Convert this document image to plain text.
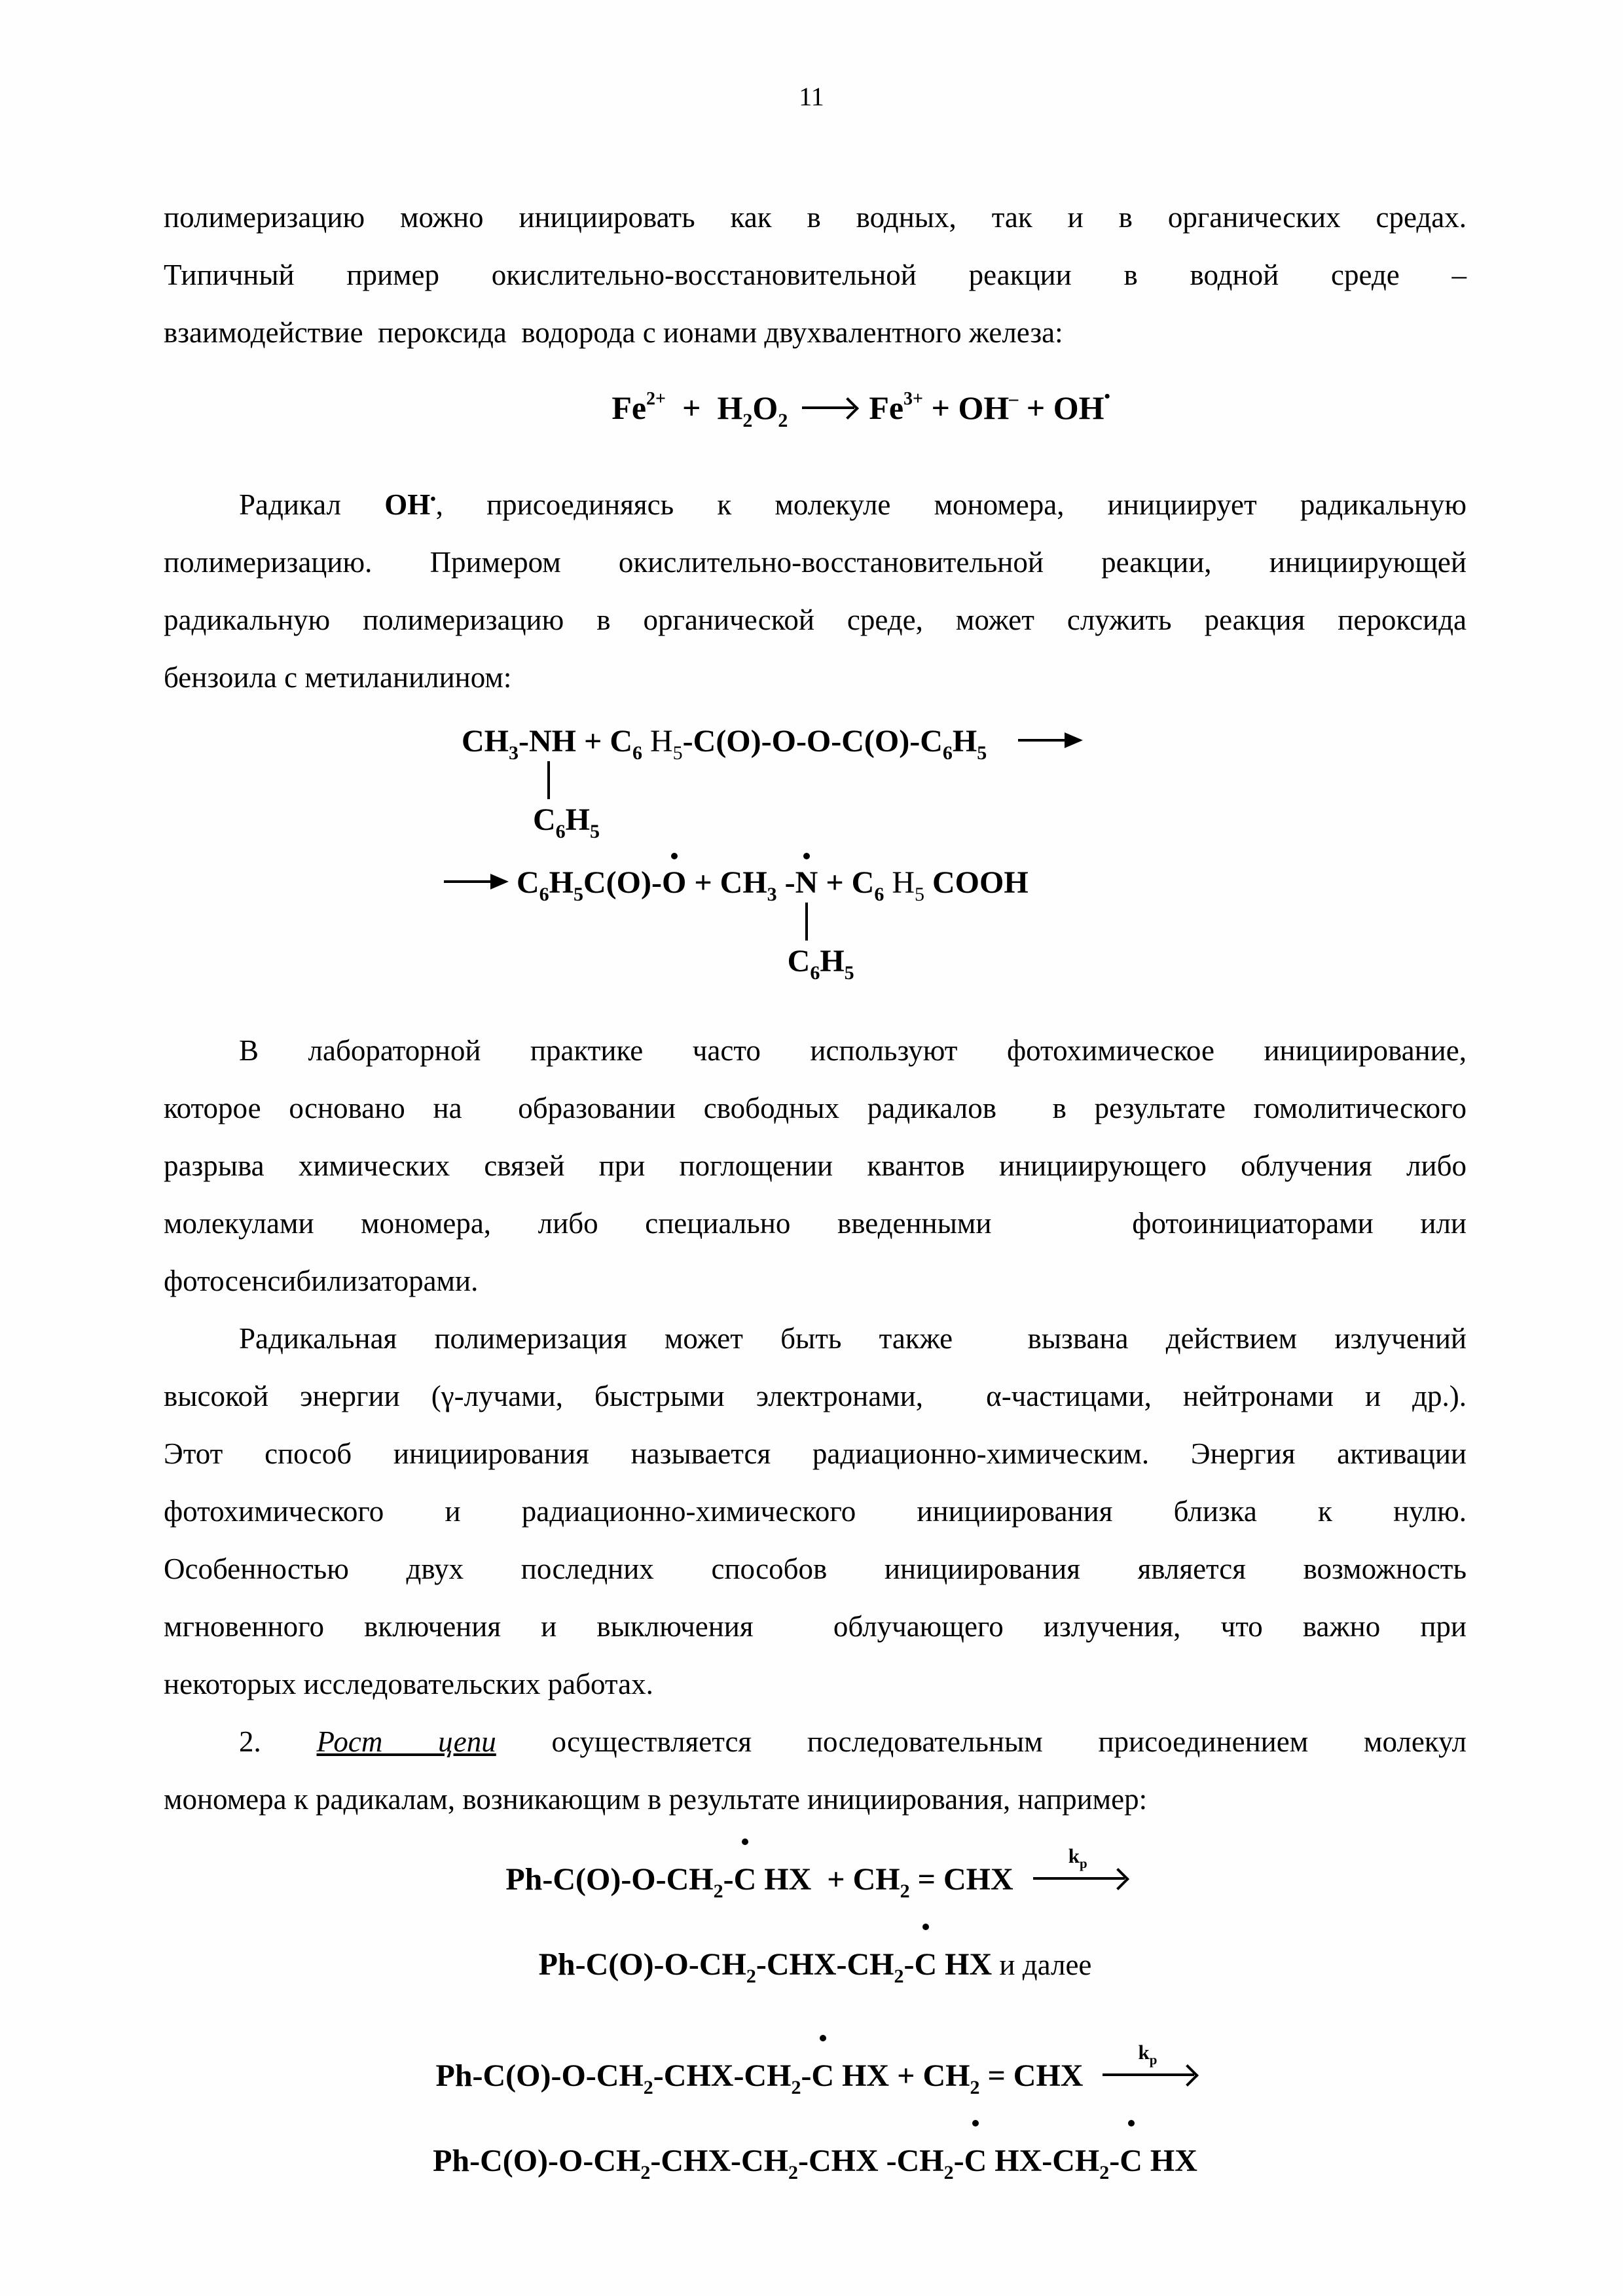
11
полимеризацию можно инициировать как в водных, так и в органических средах.
Типичный пример окислительно-восстановительной реакции в водной среде –
взаимодействие  пероксида  водорода с ионами двухвалентного железа:
$Fe^{2+} + H_2O_2$ $Fe^{3+} + OH^- + OH^•$
Радикал ОН•, присоединяясь к молекуле мономера, инициирует радикальную
полимеризацию. Примером окислительно-восстановительной реакции, инициирующей
радикальную полимеризацию в органической среде, может служить реакция пероксида
бензоила с метиланилином:
$CH_3-NH$
$C_6H_5$
+ $C_6$ $H_5-C(O)-O-O-C(O)-C_6H_5$
→ $C_6H_5C(O)-O + CH_3$ -N
$C_6H_5$
+ $C_6$ $H_5$ COOH
В лабораторной практике часто используют фотохимическое инициирование,
которое основано на  образовании свободных радикалов  в результате гомолитического
разрыва химических связей при поглощении квантов инициирующего облучения либо
молекулами мономера, либо специально введенными   фотоинициаторами или
фотосенсибилизаторами.
Радикальная полимеризация может быть также  вызвана действием излучений
высокой энергии (γ-лучами, быстрыми электронами,  α-частицами, нейтронами и др.).
Этот способ инициирования называется радиационно-химическим. Энергия активации
фотохимического и радиационно-химического инициирования близка к нулю.
Особенностью двух последних способов инициирования является возможность
мгновенного включения и выключения  облучающего излучения, что важно при
некоторых исследовательских работах.
2. Рост цепи осуществляется последовательным присоединением молекул
мономера к радикалам, возникающим в результате инициирования, например:
$Ph-C(O)-O-CH_2-C$ HX  + $CH_2$ = CHX
$k_p$
$Ph-C(O)-O-CH_2-CHX-CH_2-C$ HX и далее
$Ph-C(O)-O-CH_2-CHX-CH_2-C$ HX + $CH_2$ = CHX
$k_p$
$Ph-C(O)-O-CH_2-CHX-CH_2$-CHX $-CH_2-C$ $HX-CH_2-C$ HX
